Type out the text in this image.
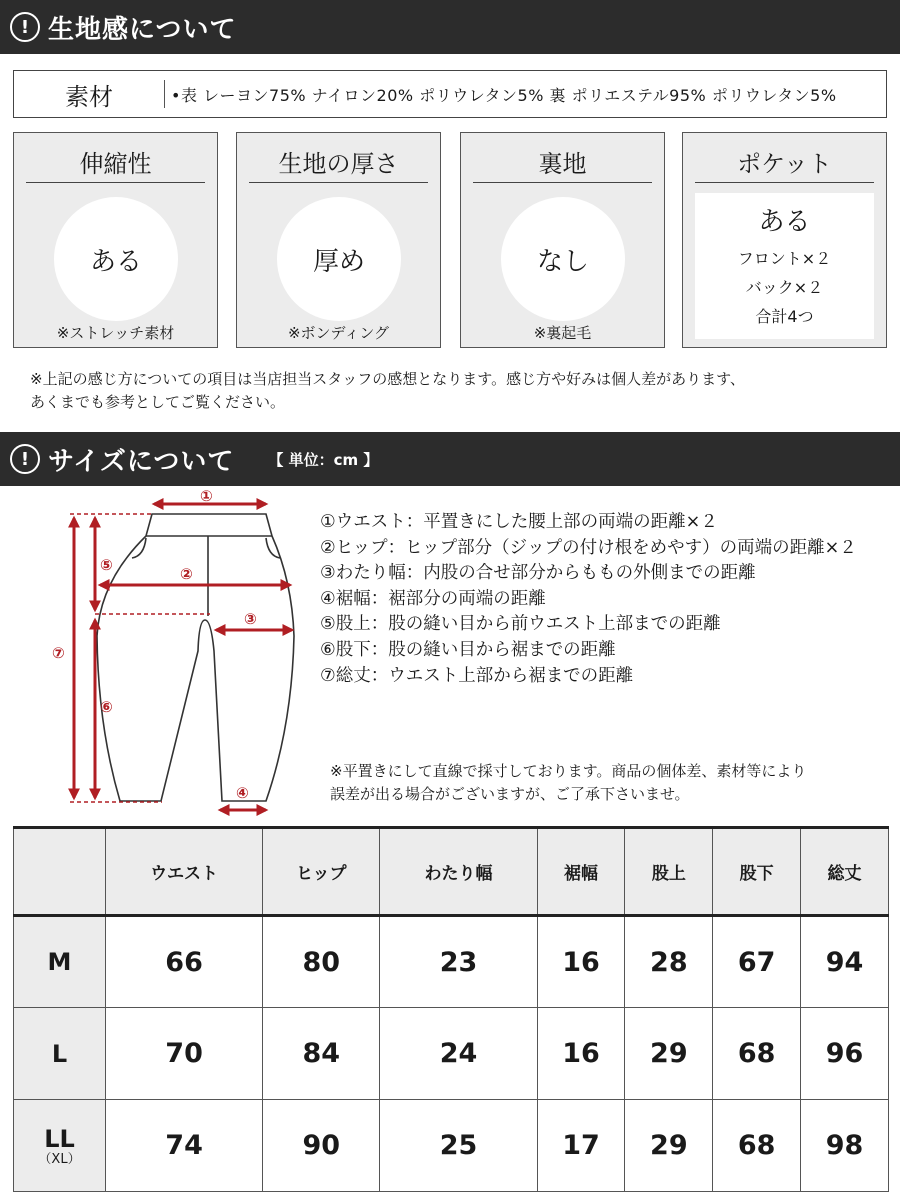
! 生地感について
素材	•表 レーヨン75% ナイロン20% ポリウレタン5% 裏 ポリエステル95% ポリウレタン5%
伸縮性
ある
※ストレッチ素材
生地の厚さ
厚め
※ボンディング
裏地
なし
※裏起毛
ポケット
ある
フロント×２
バック×２
合計4つ
※上記の感じ方についての項目は当店担当スタッフの感想となります。感じ方や好みは個人差があります、
あくまでも参考としてご覧ください。
! サイズについて 【 単位：cm 】
①
②
③
④
⑤
⑥
⑦
①ウエスト：平置きにした腰上部の両端の距離×２
②ヒップ：ヒップ部分（ジップの付け根をめやす）の両端の距離×２
③わたり幅：内股の合せ部分からももの外側までの距離
④裾幅：裾部分の両端の距離
⑤股上：股の縫い目から前ウエスト上部までの距離
⑥股下：股の縫い目から裾までの距離
⑦総丈：ウエスト上部から裾までの距離
※平置きにして直線で採寸しております。商品の個体差、素材等により
誤差が出る場合がございますが、ご了承下さいませ。
	ウエスト	ヒップ	わたり幅	裾幅	股上	股下	総丈
M	66	80	23	16	28	67	94
L	70	84	24	16	29	68	96
LL
（XL）	74	90	25	17	29	68	98
